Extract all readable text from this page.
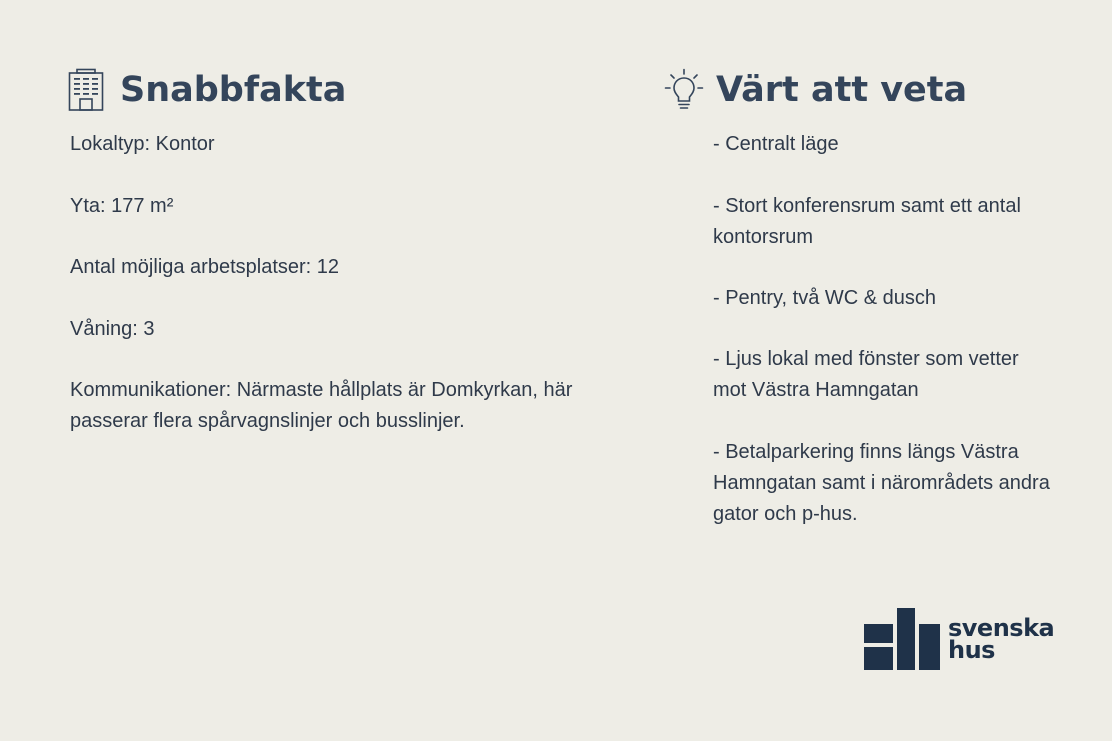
Snabbfakta	Värt att veta

Lokaltyp: Kontor

Yta: 177 m²

Antal möjliga arbetsplatser: 12

Våning: 3

Kommunikationer: Närmaste hållplats är Domkyrkan, här passerar flera spårvagnslinjer och busslinjer.

- Centralt läge

- Stort konferensrum samt ett antal kontorsrum

- Pentry, två WC & dusch

- Ljus lokal med fönster som vetter mot Västra Hamngatan

- Betalparkering finns längs Västra Hamngatan samt i närområdets andra gator och p-hus.

svenska
hus
